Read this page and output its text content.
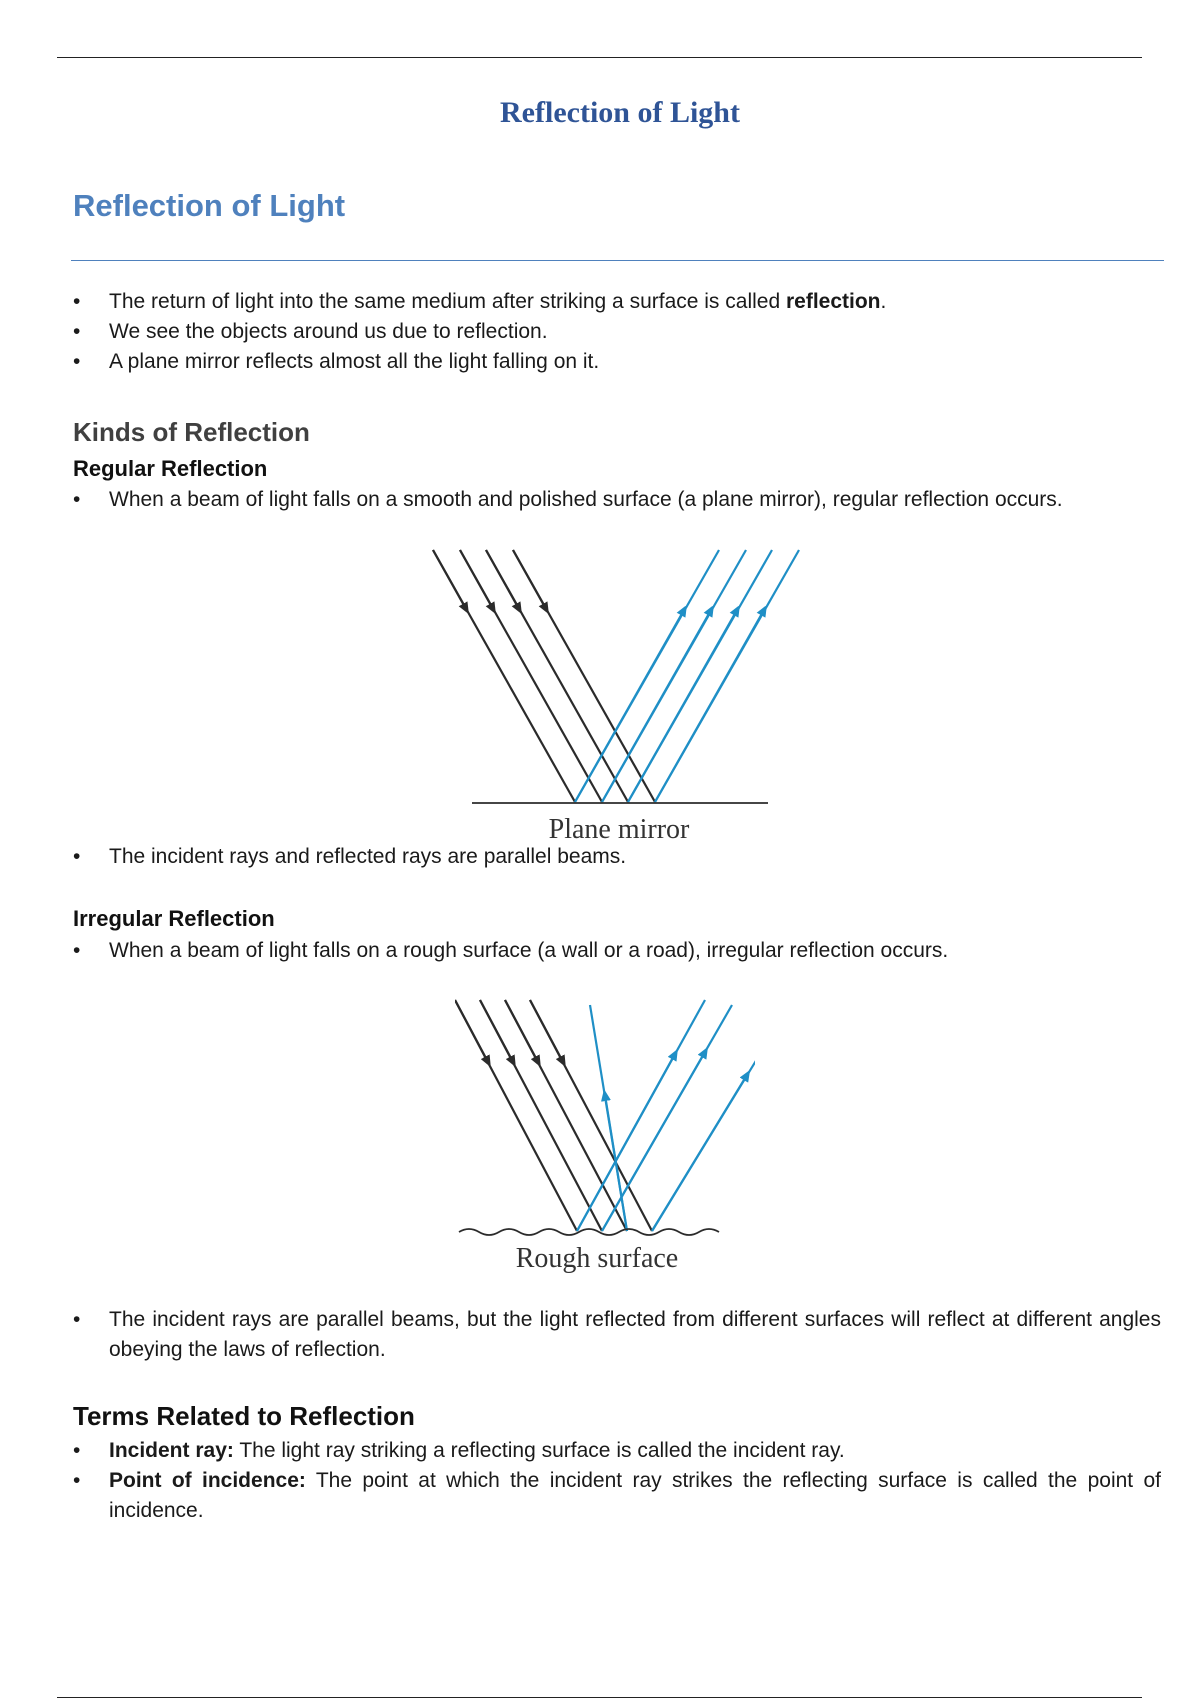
Reflection of Light
Reflection of Light
• The return of light into the same medium after striking a surface is called reflection.
• We see the objects around us due to reflection.
• A plane mirror reflects almost all the light falling on it.
Kinds of Reflection
Regular Reflection
• When a beam of light falls on a smooth and polished surface (a plane mirror), regular reflection occurs.
Plane mirror
• The incident rays and reflected rays are parallel beams.
Irregular Reflection
• When a beam of light falls on a rough surface (a wall or a road), irregular reflection occurs.
Rough surface
• The incident rays are parallel beams, but the light reflected from different surfaces will reflect at different angles obeying the laws of reflection.
Terms Related to Reflection
• Incident ray: The light ray striking a reflecting surface is called the incident ray.
• Point of incidence: The point at which the incident ray strikes the reflecting surface is called the point of incidence.
